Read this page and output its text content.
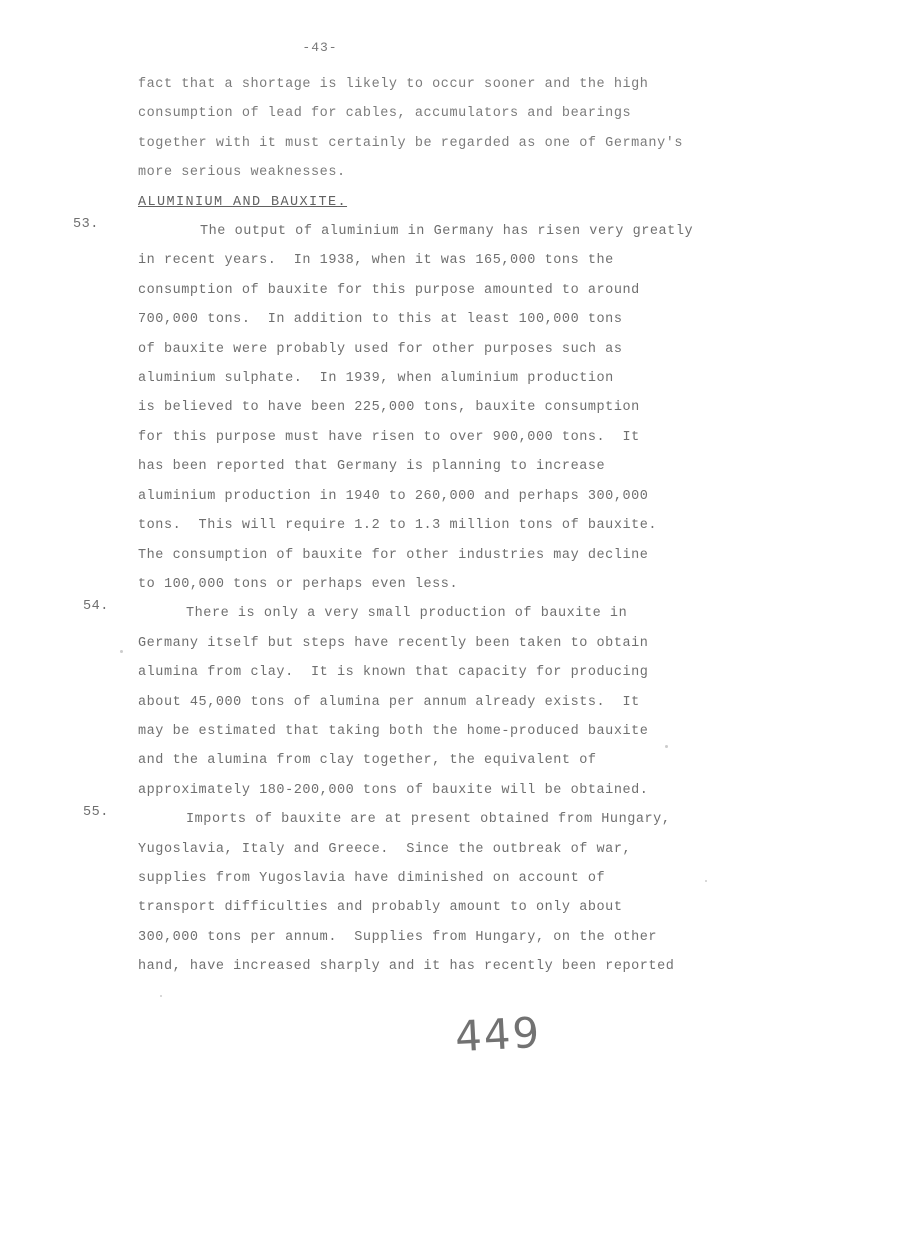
-43-
fact that a shortage is likely to occur sooner and the high
consumption of lead for cables, accumulators and bearings
together with it must certainly be regarded as one of Germany's
more serious weaknesses.
ALUMINIUM AND BAUXITE.
53.	The output of aluminium in Germany has risen very greatly
in recent years.  In 1938, when it was 165,000 tons the
consumption of bauxite for this purpose amounted to around
700,000 tons.  In addition to this at least 100,000 tons
of bauxite were probably used for other purposes such as
aluminium sulphate.  In 1939, when aluminium production
is believed to have been 225,000 tons, bauxite consumption
for this purpose must have risen to over 900,000 tons.  It
has been reported that Germany is planning to increase
aluminium production in 1940 to 260,000 and perhaps 300,000
tons.  This will require 1.2 to 1.3 million tons of bauxite.
The consumption of bauxite for other industries may decline
to 100,000 tons or perhaps even less.
54.	There is only a very small production of bauxite in
Germany itself but steps have recently been taken to obtain
alumina from clay.  It is known that capacity for producing
about 45,000 tons of alumina per annum already exists.  It
may be estimated that taking both the home-produced bauxite
and the alumina from clay together, the equivalent of
approximately 180-200,000 tons of bauxite will be obtained.
55.	Imports of bauxite are at present obtained from Hungary,
Yugoslavia, Italy and Greece.  Since the outbreak of war,
supplies from Yugoslavia have diminished on account of
transport difficulties and probably amount to only about
300,000 tons per annum.  Supplies from Hungary, on the other
hand, have increased sharply and it has recently been reported
449
